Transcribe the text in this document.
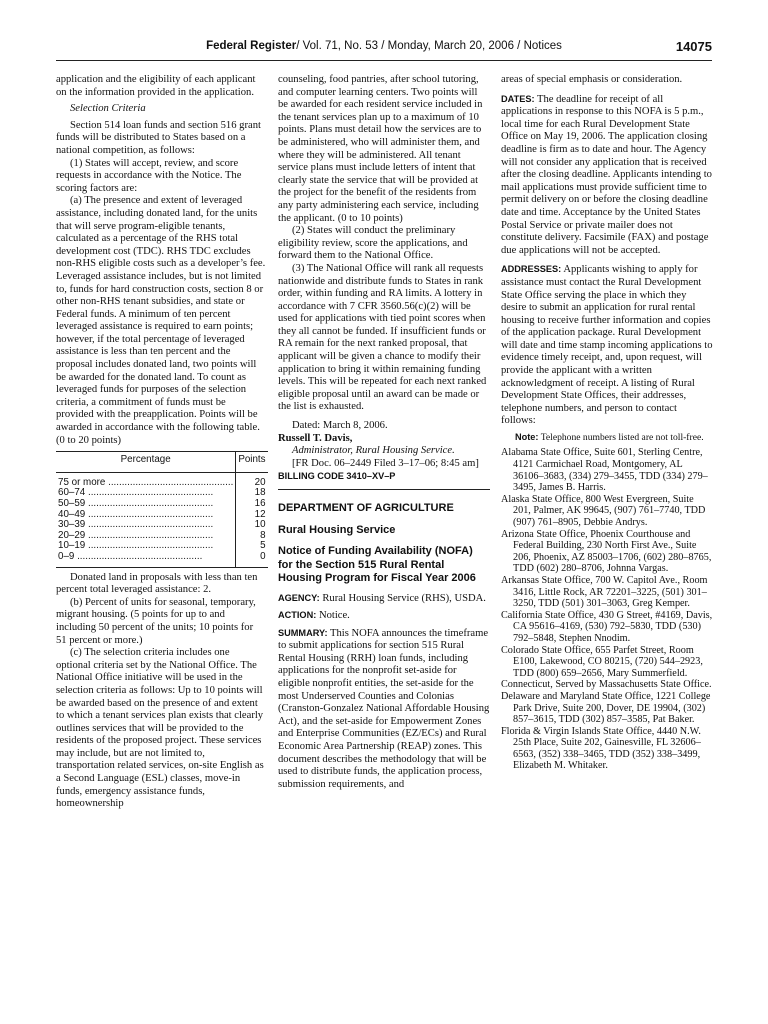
Federal Register/ Vol. 71, No. 53 / Monday, March 20, 2006 / Notices	14075

application and the eligibility of each applicant on the information provided in the application.

Selection Criteria

Section 514 loan funds and section 516 grant funds will be distributed to States based on a national competition, as follows:

(1) States will accept, review, and score requests in accordance with the Notice. The scoring factors are:

(a) The presence and extent of leveraged assistance, including donated land, for the units that will serve program-eligible tenants, calculated as a percentage of the RHS total development cost (TDC). RHS TDC excludes non-RHS eligible costs such as a developer’s fee. Leveraged assistance includes, but is not limited to, funds for hard construction costs, section 8 or other non-RHS tenant subsidies, and state or Federal funds. A minimum of ten percent leveraged assistance is required to earn points; however, if the total percentage of leveraged assistance is less than ten percent and the proposal includes donated land, two points will be awarded for the donated land. To count as leveraged funds for purposes of the selection criteria, a commitment of funds must be provided with the preapplication. Points will be awarded in accordance with the following table. (0 to 20 points)

Percentage	Points
75 or more ..............................................	20
60–74 ..............................................	18
50–59 ..............................................	16
40–49 ..............................................	12
30–39 ..............................................	10
20–29 ..............................................	8
10–19 ..............................................	5
0–9 ..............................................	0

Donated land in proposals with less than ten percent total leveraged assistance: 2.

(b) Percent of units for seasonal, temporary, migrant housing. (5 points for up to and including 50 percent of the units; 10 points for 51 percent or more.)

(c) The selection criteria includes one optional criteria set by the National Office. The National Office initiative will be used in the selection criteria as follows: Up to 10 points will be awarded based on the presence of and extent to which a tenant services plan exists that clearly outlines services that will be provided to the residents of the proposed project. These services may include, but are not limited to, transportation related services, on-site English as a Second Language (ESL) classes, move-in funds, emergency assistance funds, homeownership

counseling, food pantries, after school tutoring, and computer learning centers. Two points will be awarded for each resident service included in the tenant services plan up to a maximum of 10 points. Plans must detail how the services are to be administered, who will administer them, and where they will be administered. All tenant service plans must include letters of intent that clearly state the service that will be provided at the project for the benefit of the residents from any party administering each service, including the applicant. (0 to 10 points)

(2) States will conduct the preliminary eligibility review, score the applications, and forward them to the National Office.

(3) The National Office will rank all requests nationwide and distribute funds to States in rank order, within funding and RA limits. A lottery in accordance with 7 CFR 3560.56(c)(2) will be used for applications with tied point scores when they all cannot be funded. If insufficient funds or RA remain for the next ranked proposal, that applicant will be given a chance to modify their application to bring it within remaining funding levels. This will be repeated for each next ranked eligible proposal until an award can be made or the list is exhausted.

Dated: March 8, 2006.

Russell T. Davis,

Administrator, Rural Housing Service.

[FR Doc. 06–2449 Filed 3–17–06; 8:45 am]

BILLING CODE 3410–XV–P

DEPARTMENT OF AGRICULTURE

Rural Housing Service

Notice of Funding Availability (NOFA) for the Section 515 Rural Rental Housing Program for Fiscal Year 2006

AGENCY: Rural Housing Service (RHS), USDA.

ACTION: Notice.

SUMMARY: This NOFA announces the timeframe to submit applications for section 515 Rural Rental Housing (RRH) loan funds, including applications for the nonprofit set-aside for eligible nonprofit entities, the set-aside for the most Underserved Counties and Colonias (Cranston-Gonzalez National Affordable Housing Act), and the set-aside for Empowerment Zones and Enterprise Communities (EZ/ECs) and Rural Economic Area Partnership (REAP) zones. This document describes the methodology that will be used to distribute funds, the application process, submission requirements, and

areas of special emphasis or consideration.

DATES: The deadline for receipt of all applications in response to this NOFA is 5 p.m., local time for each Rural Development State Office on May 19, 2006. The application closing deadline is firm as to date and hour. The Agency will not consider any application that is received after the closing deadline. Applicants intending to mail applications must provide sufficient time to permit delivery on or before the closing deadline date and time. Acceptance by the United States Postal Service or private mailer does not constitute delivery. Facsimile (FAX) and postage due applications will not be accepted.

ADDRESSES: Applicants wishing to apply for assistance must contact the Rural Development State Office serving the place in which they desire to submit an application for rural rental housing to receive further information and copies of the application package. Rural Development will date and time stamp incoming applications to evidence timely receipt, and, upon request, will provide the applicant with a written acknowledgment of receipt. A listing of Rural Development State Offices, their addresses, telephone numbers, and person to contact follows:

Note: Telephone numbers listed are not toll-free.

Alabama State Office, Suite 601, Sterling Centre, 4121 Carmichael Road, Montgomery, AL 36106–3683, (334) 279–3455, TDD (334) 279–3495, James B. Harris.

Alaska State Office, 800 West Evergreen, Suite 201, Palmer, AK 99645, (907) 761–7740, TDD (907) 761–8905, Debbie Andrys.

Arizona State Office, Phoenix Courthouse and Federal Building, 230 North First Ave., Suite 206, Phoenix, AZ 85003–1706, (602) 280–8765, TDD (602) 280–8706, Johnna Vargas.

Arkansas State Office, 700 W. Capitol Ave., Room 3416, Little Rock, AR 72201–3225, (501) 301–3250, TDD (501) 301–3063, Greg Kemper.

California State Office, 430 G Street, #4169, Davis, CA 95616–4169, (530) 792–5830, TDD (530) 792–5848, Stephen Nnodim.

Colorado State Office, 655 Parfet Street, Room E100, Lakewood, CO 80215, (720) 544–2923, TDD (800) 659–2656, Mary Summerfield.

Connecticut, Served by Massachusetts State Office.

Delaware and Maryland State Office, 1221 College Park Drive, Suite 200, Dover, DE 19904, (302) 857–3615, TDD (302) 857–3585, Pat Baker.

Florida & Virgin Islands State Office, 4440 N.W. 25th Place, Suite 202, Gainesville, FL 32606–6563, (352) 338–3465, TDD (352) 338–3499, Elizabeth M. Whitaker.
